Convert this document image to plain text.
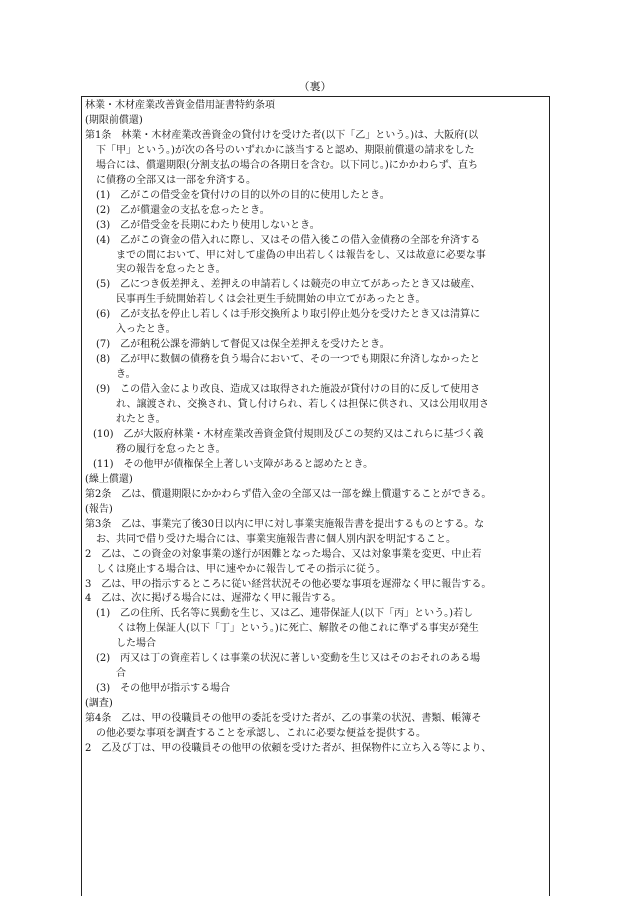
（裏）
林業・木材産業改善資金借用証書特約条項
(期限前償還)
第1条　林業・木材産業改善資金の貸付けを受けた者(以下「乙」という。)は、大阪府(以
下「甲」という。)が次の各号のいずれかに該当すると認め、期限前償還の請求をした
場合には、償還期限(分割支払の場合の各期日を含む。以下同じ。)にかかわらず、直ち
に債務の全部又は一部を弁済する。
(1)　乙がこの借受金を貸付けの目的以外の目的に使用したとき。
(2)　乙が償還金の支払を怠ったとき。
(3)　乙が借受金を長期にわたり使用しないとき。
(4)　乙がこの資金の借入れに際し、又はその借入後この借入金債務の全部を弁済する
までの間において、甲に対して虚偽の申出若しくは報告をし、又は故意に必要な事
実の報告を怠ったとき。
(5)　乙につき仮差押え、差押えの申請若しくは競売の申立てがあったとき又は破産、
民事再生手続開始若しくは会社更生手続開始の申立てがあったとき。
(6)　乙が支払を停止し若しくは手形交換所より取引停止処分を受けたとき又は清算に
入ったとき。
(7)　乙が租税公課を滞納して督促又は保全差押えを受けたとき。
(8)　乙が甲に数個の債務を負う場合において、その一つでも期限に弁済しなかったと
き。
(9)　この借入金により改良、造成又は取得された施設が貸付けの目的に反して使用さ
れ、譲渡され、交換され、貸し付けられ、若しくは担保に供され、又は公用収用さ
れたとき。
(10)　乙が大阪府林業・木材産業改善資金貸付規則及びこの契約又はこれらに基づく義
務の履行を怠ったとき。
(11)　その他甲が債権保全上著しい支障があると認めたとき。
(繰上償還)
第2条　乙は、償還期限にかかわらず借入金の全部又は一部を繰上償還することができる。
(報告)
第3条　乙は、事業完了後30日以内に甲に対し事業実施報告書を提出するものとする。な
お、共同で借り受けた場合には、事業実施報告書に個人別内訳を明記すること。
2　乙は、この資金の対象事業の遂行が困難となった場合、又は対象事業を変更、中止若
しくは廃止する場合は、甲に速やかに報告してその指示に従う。
3　乙は、甲の指示するところに従い経営状況その他必要な事項を遅滞なく甲に報告する。
4　乙は、次に掲げる場合には、遅滞なく甲に報告する。
(1)　乙の住所、氏名等に異動を生じ、又は乙、連帯保証人(以下「丙」という。)若し
くは物上保証人(以下「丁」という。)に死亡、解散その他これに準ずる事実が発生
した場合
(2)　丙又は丁の資産若しくは事業の状況に著しい変動を生じ又はそのおそれのある場
合
(3)　その他甲が指示する場合
(調査)
第4条　乙は、甲の役職員その他甲の委託を受けた者が、乙の事業の状況、書類、帳簿そ
の他必要な事項を調査することを承認し、これに必要な便益を提供する。
2　乙及び丁は、甲の役職員その他甲の依頼を受けた者が、担保物件に立ち入る等により、
